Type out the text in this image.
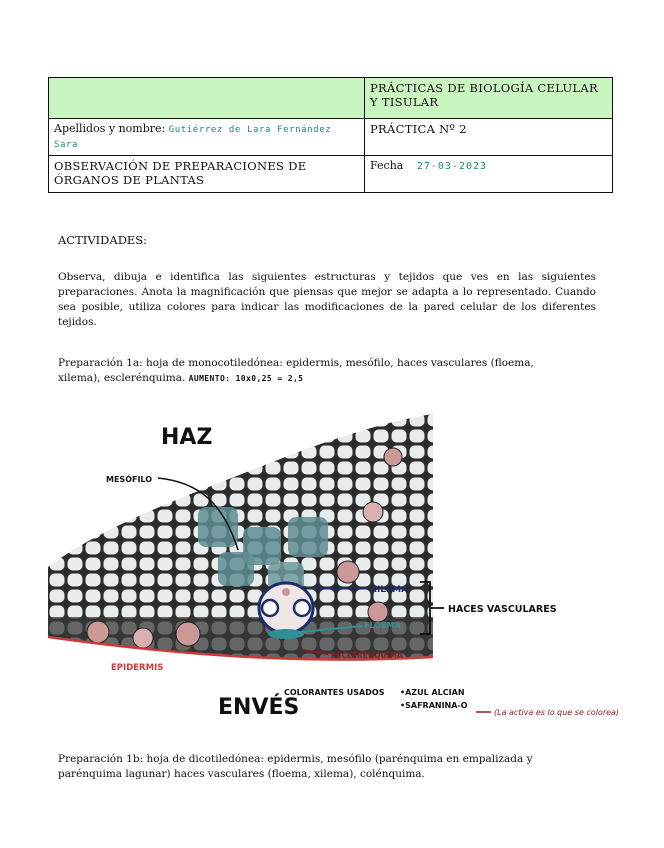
	PRÁCTICAS DE BIOLOGÍA CELULAR Y TISULAR
Apellidos y nombre: Gutiérrez de Lara Fernández Sara	PRÁCTICA Nº 2
OBSERVACIÓN DE PREPARACIONES DE ÓRGANOS DE PLANTAS	Fecha 27-03-2023
ACTIVIDADES:
Observa, dibuja e identifica las siguientes estructuras y tejidos que ves en las siguientes preparaciones. Anota la magnificación que piensas que mejor se adapta a lo representado. Cuando sea posible, utiliza colores para indicar las modificaciones de la pared celular de los diferentes tejidos.
Preparación 1a: hoja de monocotiledónea: epidermis, mesófilo, haces vasculares (floema, xilema), esclerénquima. AUMENTO: 10x0,25 = 2,5
HAZ
ENVÉS
MESÓFILO
XILEMA
FLOEMA
HACES VASCULARES
ESCLERÉNQUIMA
EPIDERMIS
COLORANTES USADOS •AZUL ALCIAN
•SAFRANINA-O
(La activa es lo que se colorea)
Preparación 1b: hoja de dicotiledónea: epidermis, mesófilo (parénquima en empalizada y parénquima lagunar) haces vasculares (floema, xilema), colénquima.
